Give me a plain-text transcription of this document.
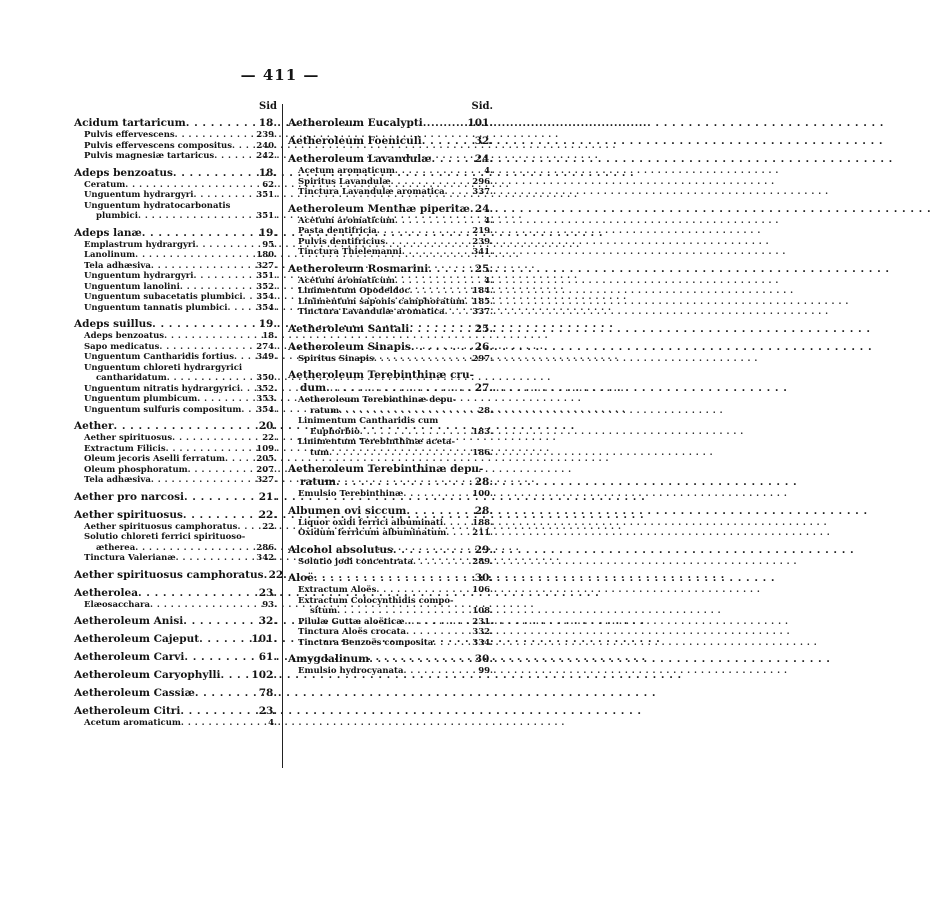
— 411 —
Sid
Acidum tartaricum . . .	18.
Pulvis effervescens . . .	239.
Pulvis effervescens compositus . . .	240.
Pulvis magnesiæ tartaricus . . .	242.
Adeps benzoatus . . .	18.
Ceratum . . .	62.
Unguentum hydrargyri . . .	351.
Unguentum hydratocarbonatis
plumbici . . .	351.
Adeps lanæ . . .	19.
Emplastrum hydrargyri . . .	95.
Lanolinum . . .	180.
Tela adhæsiva . . .	327.
Unguentum hydrargyri . . .	351.
Unguentum lanolini . . .	352.
Unguentum subacetatis plumbici . . . 354.
Unguentum tannatis plumbici . . .	354.
Adeps suillus . . .	19.
Adeps benzoatus . . .	18.
Sapo medicatus . . .	274.
Unguentum Cantharidis fortius . . .	349.
Unguentum chloreti hydrargyrici
cantharidatum . . .	350.
Unguentum nitratis hydrargyrici . . . 352.
Unguentum plumbicum . . .	353.
Unguentum sulfuris compositum . . . 354.
Aether . . .	20.
Aether spirituosus . . .	22.
Extractum Filicis . . .	109.
Oleum jecoris Aselli ferratum . . .	205.
Oleum phosphoratum . . .	207.
Tela adhæsiva . . .	327.
Aether pro narcosi . . .	21.
Aether spirituosus . . .	22.
Aether spirituosus camphoratus . . .	22.
Solutio chloreti ferrici spirituoso-
ætherea . . .	286.
Tinctura Valerianæ . . .	342.
Aether spirituosus camphoratus . . . 22.
Aetherolea . . .	23.
Elæosacchara . . .	93.
Aetheroleum Anisi . . .	32.
Aetheroleum Cajeput . . .	101.
Aetheroleum Carvi . . .	61.
Aetheroleum Caryophylli . . .	102.
Aetheroleum Cassiæ . . .	78.
Aetheroleum Citri . . .	23.
Acetum aromaticum . . .	4.
Sid.
Aetheroleum Eucalypti . . .	101.
Aetheroleum Foeniculi . . .	32.
Aetheroleum Lavandulæ . . .	24.
Acetum aromaticum . . .	4.
Spiritus Lavandulæ . . .	296.
Tinctura Lavandulæ aromatica . . .	337.
Aetheroleum Menthæ piperitæ . . . 24.
Acetum aromaticum . . .	4.
Pasta dentifricia . . .	219.
Pulvis dentifricius . . .	239.
Tinctura Thielemanni . . .	341.
Aetheroleum Rosmarini . . .	25.
Acetum aromaticum . . .	4.
Linimentum Opodeldoc . . .	184.
Linimentum saponis camphoratum . . . 185.
Tinctura Lavandulæ aromatica . . .	337.
Aetheroleum Santali . . .	25.
Aetheroleum Sinapis . . .	26.
Spiritus Sinapis . . .	297.
Aetheroleum Terebinthinæ cru-
dum . . .	27.
Aetheroleum Terebinthinæ depu-
ratum . . .	28.
Linimentum Cantharidis cum
Euphorbio . . .	183.
Linimentum Terebinthinæ aceta-
tum . . .	186.
Aetheroleum Terebinthinæ depu-
ratum . . .	28.
Emulsio Terebinthinæ . . .	100.
Albumen ovi siccum . . .	28.
Liquor oxidi ferrici albuminati . . .	188.
Oxidum ferricum albuminatum . . .	211.
Alcohol absolutus . . .	29.
Solutio jodi concentrata . . .	289.
Aloë . . .	30.
Extractum Aloës . . .	106.
Extractum Colocynthidis compo-
situm . . .	108.
Pilulæ Guttæ aloëticæ . . .	231.
Tinctura Aloës crocata . . .	332.
Tinctura Benzoës composita . . .	334.
Amygdalinum . . .	30.
Emulsio hydrocyanata . . .	99.
